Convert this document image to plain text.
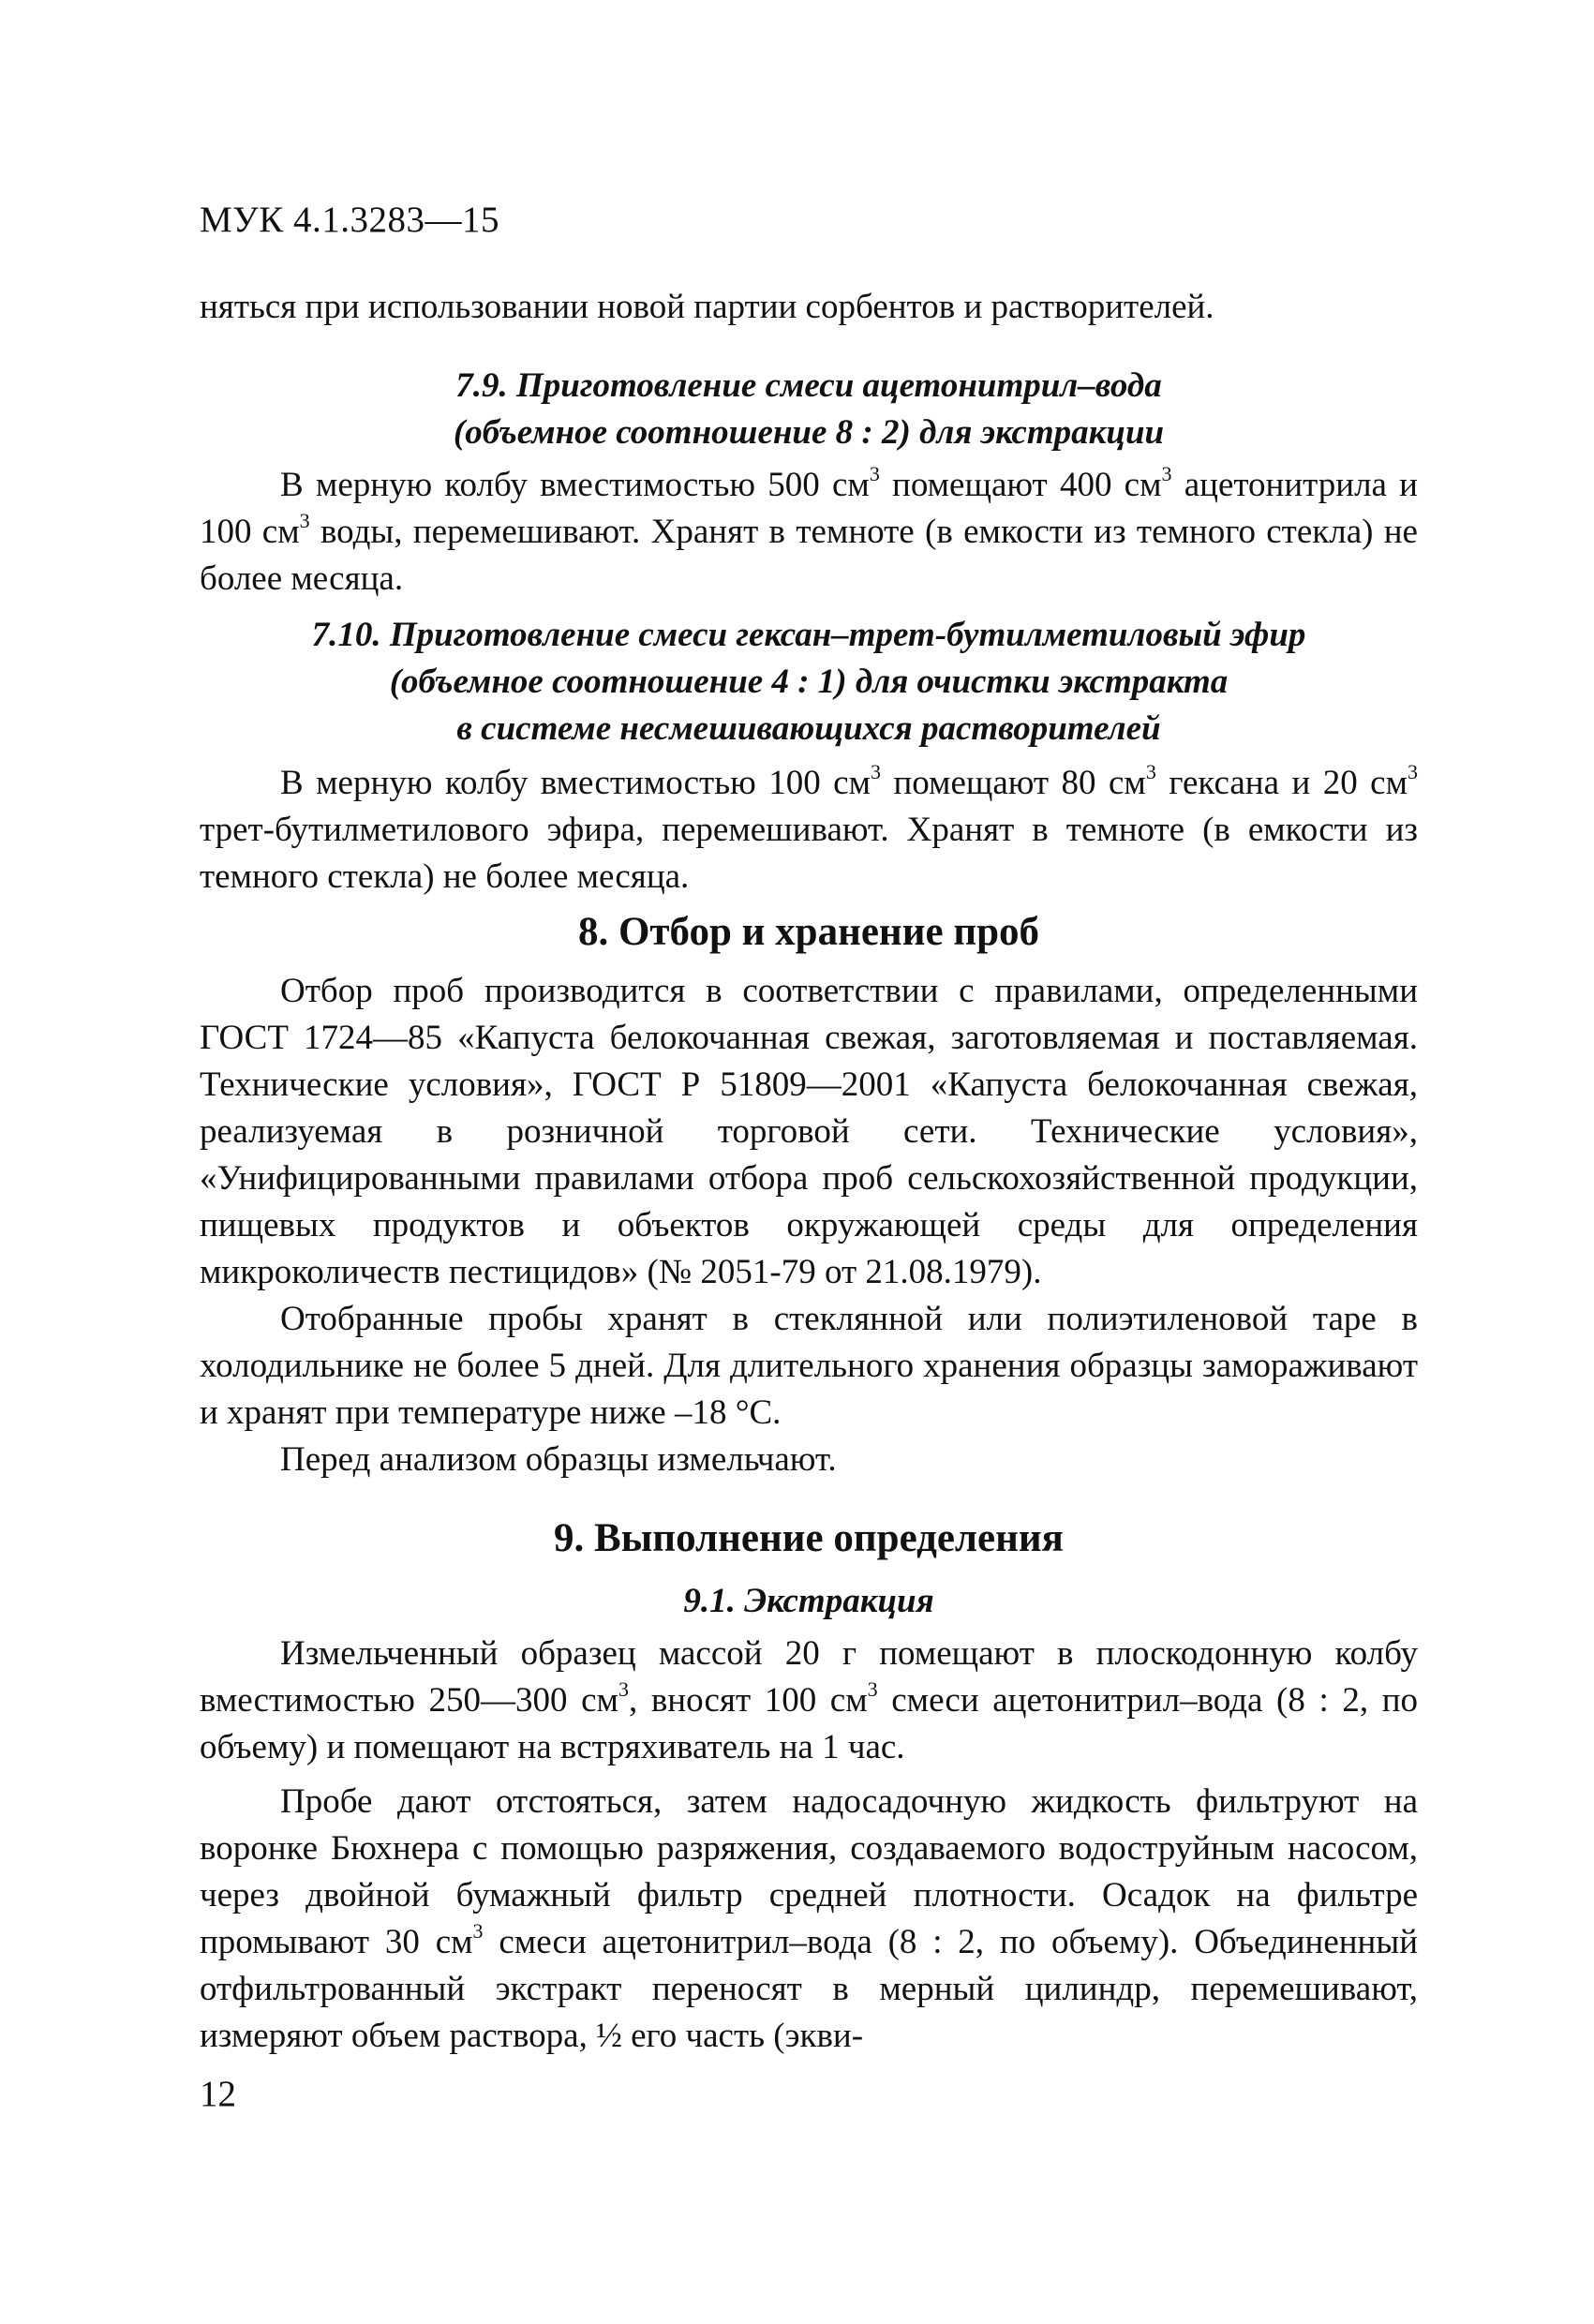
МУК 4.1.3283—15

няться при использовании новой партии сорбентов и растворителей.

7.9. Приготовление смеси ацетонитрил–вода
(объемное соотношение 8 : 2) для экстракции

В мерную колбу вместимостью 500 $см^3$ помещают 400 $см^3$ ацетонитрила и 100 $см^3$ воды, перемешивают. Хранят в темноте (в емкости из темного стекла) не более месяца.

7.10. Приготовление смеси гексан–трет-бутилметиловый эфир
(объемное соотношение 4 : 1) для очистки экстракта
в системе несмешивающихся растворителей

В мерную колбу вместимостью 100 $см^3$ помещают 80 $см^3$ гексана и 20 $см^3$ трет-бутилметилового эфира, перемешивают. Хранят в темноте (в емкости из темного стекла) не более месяца.

8. Отбор и хранение проб

Отбор проб производится в соответствии с правилами, определенными ГОСТ 1724—85 «Капуста белокочанная свежая, заготовляемая и поставляемая. Технические условия», ГОСТ Р 51809—2001 «Капуста белокочанная свежая, реализуемая в розничной торговой сети. Технические условия», «Унифицированными правилами отбора проб сельскохозяйственной продукции, пищевых продуктов и объектов окружающей среды для определения микроколичеств пестицидов» (№ 2051-79 от 21.08.1979).

Отобранные пробы хранят в стеклянной или полиэтиленовой таре в холодильнике не более 5 дней. Для длительного хранения образцы замораживают и хранят при температуре ниже –18 °С.

Перед анализом образцы измельчают.

9. Выполнение определения
9.1. Экстракция

Измельченный образец массой 20 г помещают в плоскодонную колбу вместимостью 250—300 $см^3$, вносят 100 $см^3$ смеси ацетонитрил–вода (8 : 2, по объему) и помещают на встряхиватель на 1 час.

Пробе дают отстояться, затем надосадочную жидкость фильтруют на воронке Бюхнера с помощью разряжения, создаваемого водоструйным насосом, через двойной бумажный фильтр средней плотности. Осадок на фильтре промывают 30 $см^3$ смеси ацетонитрил–вода (8 : 2, по объему). Объединенный отфильтрованный экстракт переносят в мерный цилиндр, перемешивают, измеряют объем раствора, ½ его часть (экви-

12
